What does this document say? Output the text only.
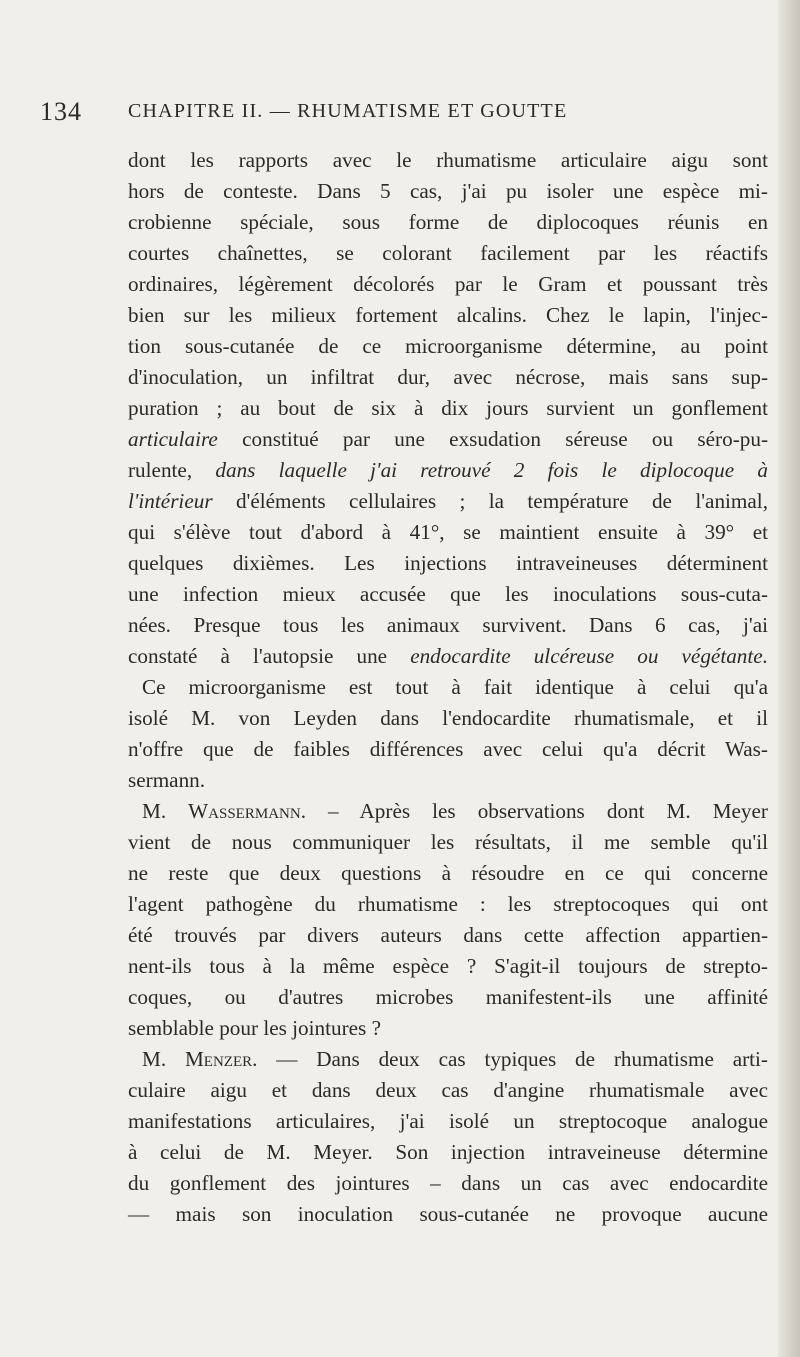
134 CHAPITRE II. — RHUMATISME ET GOUTTE
dont les rapports avec le rhumatisme articulaire aigu sont
hors de conteste. Dans 5 cas, j'ai pu isoler une espèce mi-
crobienne spéciale, sous forme de diplocoques réunis en
courtes chaînettes, se colorant facilement par les réactifs
ordinaires, légèrement décolorés par le Gram et poussant très
bien sur les milieux fortement alcalins. Chez le lapin, l'injec-
tion sous-cutanée de ce microorganisme détermine, au point
d'inoculation, un infiltrat dur, avec nécrose, mais sans sup-
puration ; au bout de six à dix jours survient un gonflement
articulaire constitué par une exsudation séreuse ou séro-pu-
rulente, dans laquelle j'ai retrouvé 2 fois le diplocoque à
l'intérieur d'éléments cellulaires ; la température de l'animal,
qui s'élève tout d'abord à 41°, se maintient ensuite à 39° et
quelques dixièmes. Les injections intraveineuses déterminent
une infection mieux accusée que les inoculations sous-cuta-
nées. Presque tous les animaux survivent. Dans 6 cas, j'ai
constaté à l'autopsie une endocardite ulcéreuse ou végétante.
Ce microorganisme est tout à fait identique à celui qu'a
isolé M. von Leyden dans l'endocardite rhumatismale, et il
n'offre que de faibles différences avec celui qu'a décrit Was-
sermann.
M. Wassermann. – Après les observations dont M. Meyer
vient de nous communiquer les résultats, il me semble qu'il
ne reste que deux questions à résoudre en ce qui concerne
l'agent pathogène du rhumatisme : les streptocoques qui ont
été trouvés par divers auteurs dans cette affection appartien-
nent-ils tous à la même espèce ? S'agit-il toujours de strepto-
coques, ou d'autres microbes manifestent-ils une affinité
semblable pour les jointures ?
M. Menzer. — Dans deux cas typiques de rhumatisme arti-
culaire aigu et dans deux cas d'angine rhumatismale avec
manifestations articulaires, j'ai isolé un streptocoque analogue
à celui de M. Meyer. Son injection intraveineuse détermine
du gonflement des jointures – dans un cas avec endocardite
— mais son inoculation sous-cutanée ne provoque aucune
